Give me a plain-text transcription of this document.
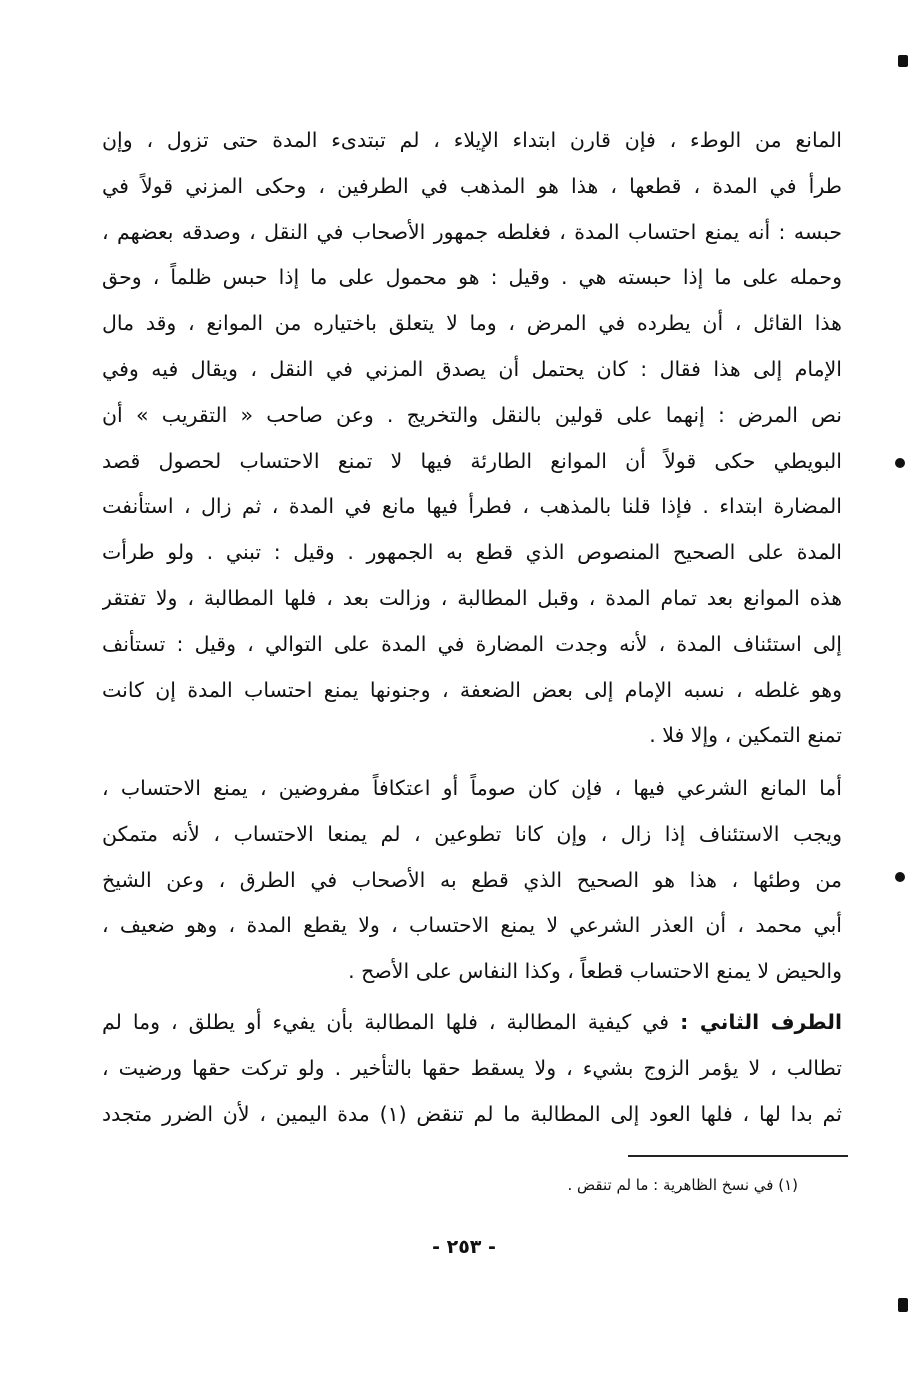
المانع من الوطء ، فإن قارن ابتداء الإيلاء ، لم تبتدىء المدة حتى تزول ، وإن
طرأ في المدة ، قطعها ، هذا هو المذهب في الطرفين ، وحكى المزني قولاً في
حبسه : أنه يمنع احتساب المدة ، فغلطه جمهور الأصحاب في النقل ، وصدقه بعضهم ،
وحمله على ما إذا حبسته هي . وقيل : هو محمول على ما إذا حبس ظلماً ، وحق
هذا القائل ، أن يطرده في المرض ، وما لا يتعلق باختياره من الموانع ، وقد مال
الإمام إلى هذا فقال : كان يحتمل أن يصدق المزني في النقل ، ويقال فيه وفي
نص المرض : إنهما على قولين بالنقل والتخريج . وعن صاحب « التقريب » أن
البويطي حكى قولاً أن الموانع الطارئة فيها لا تمنع الاحتساب لحصول قصد
المضارة ابتداء . فإذا قلنا بالمذهب ، فطرأ فيها مانع في المدة ، ثم زال ، استأنفت
المدة على الصحيح المنصوص الذي قطع به الجمهور . وقيل : تبني . ولو طرأت
هذه الموانع بعد تمام المدة ، وقبل المطالبة ، وزالت بعد ، فلها المطالبة ، ولا تفتقر
إلى استئناف المدة ، لأنه وجدت المضارة في المدة على التوالي ، وقيل : تستأنف
وهو غلطه ، نسبه الإمام إلى بعض الضعفة ، وجنونها يمنع احتساب المدة إن كانت
تمنع التمكين ، وإلا فلا .
أما المانع الشرعي فيها ، فإن كان صوماً أو اعتكافاً مفروضين ، يمنع الاحتساب ،
ويجب الاستئناف إذا زال ، وإن كانا تطوعين ، لم يمنعا الاحتساب ، لأنه متمكن
من وطئها ، هذا هو الصحيح الذي قطع به الأصحاب في الطرق ، وعن الشيخ
أبي محمد ، أن العذر الشرعي لا يمنع الاحتساب ، ولا يقطع المدة ، وهو ضعيف ،
والحيض لا يمنع الاحتساب قطعاً ، وكذا النفاس على الأصح .
الطرف الثاني : في كيفية المطالبة ، فلها المطالبة بأن يفيء أو يطلق ، وما لم
تطالب ، لا يؤمر الزوج بشيء ، ولا يسقط حقها بالتأخير . ولو تركت حقها ورضيت ،
ثم بدا لها ، فلها العود إلى المطالبة ما لم تنقض (١) مدة اليمين ، لأن الضرر متجدد
(١) في نسخ الظاهرية : ما لم تنقض .
- ٢٥٣ -
